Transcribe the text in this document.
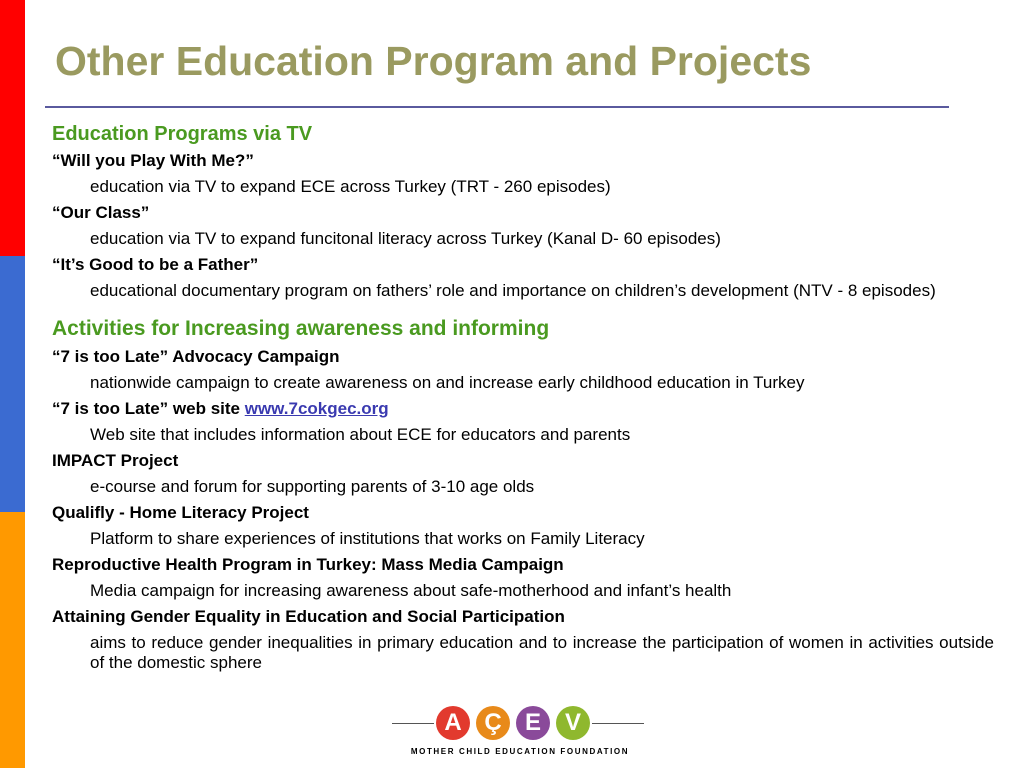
Other Education Program and Projects
Education Programs via TV
“Will you Play With Me?”
education via TV to expand ECE across Turkey (TRT - 260 episodes)
“Our Class”
education via TV to expand funcitonal literacy across Turkey (Kanal D- 60 episodes)
“It’s Good to be a Father”
educational documentary program on fathers’ role and importance on children’s development (NTV - 8 episodes)
Activities for Increasing awareness and informing
“7 is too Late” Advocacy Campaign
nationwide campaign to create awareness on and increase early childhood education in Turkey
“7 is too Late” web site www.7cokgec.org
Web site that includes information about ECE for educators and parents
IMPACT Project
e-course and forum for supporting parents of 3-10 age olds
Qualifly - Home Literacy Project
Platform to share experiences of institutions that works on Family Literacy
Reproductive Health Program in Turkey: Mass Media Campaign
Media campaign for increasing awareness about safe-motherhood and infant’s health
Attaining Gender Equality in Education and Social Participation
aims to reduce gender inequalities in primary education and to increase the participation of women in activities outside of the domestic sphere
A Ç E V
MOTHER CHILD EDUCATION FOUNDATION
